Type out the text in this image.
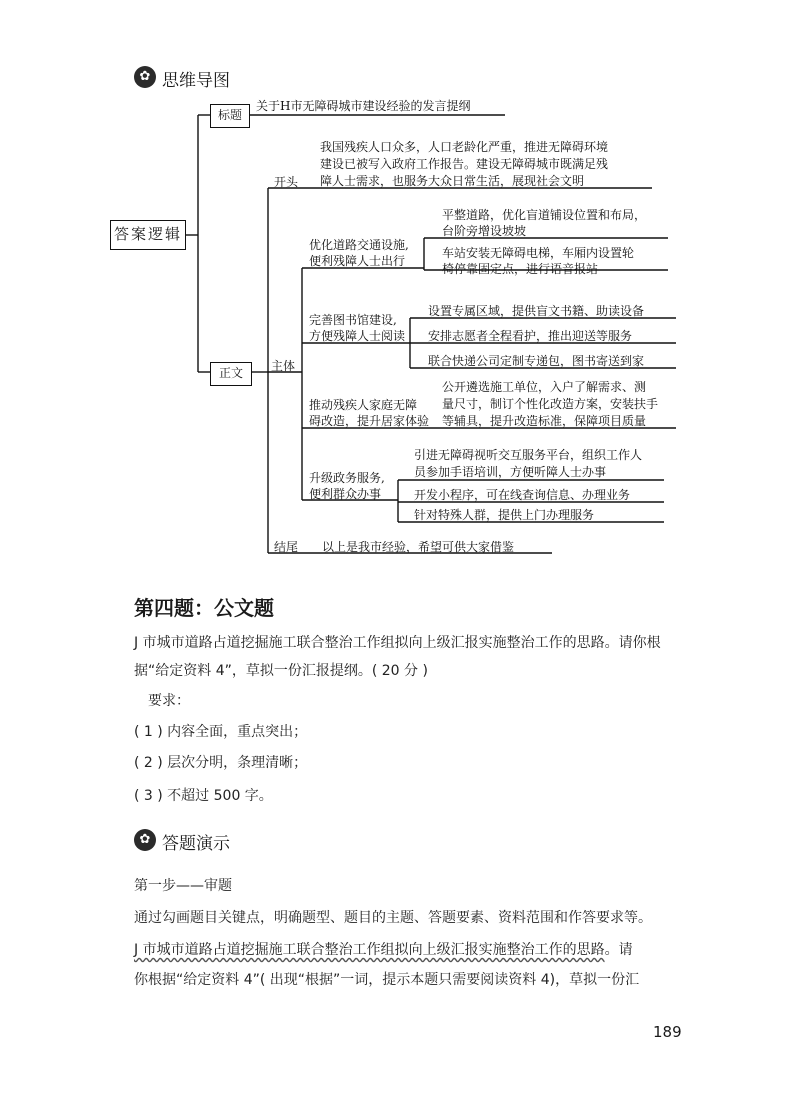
✿ 思维导图
答案逻辑
标题
关于H市无障碍城市建设经验的发言提纲
正文
开头
我国残疾人口众多，人口老龄化严重，推进无障碍环境
建设已被写入政府工作报告。建设无障碍城市既满足残
障人士需求，也服务大众日常生活，展现社会文明
主体
优化道路交通设施,
便利残障人士出行
平整道路，优化盲道铺设位置和布局，
台阶旁增设坡坡
车站安装无障碍电梯，车厢内设置轮
椅停靠固定点，进行语音报站
完善图书馆建设,
方便残障人士阅读
设置专属区域，提供盲文书籍、助读设备
安排志愿者全程看护，推出迎送等服务
联合快递公司定制专递包，图书寄送到家
推动残疾人家庭无障
碍改造，提升居家体验
公开遴选施工单位，入户了解需求、测
量尺寸，制订个性化改造方案，安装扶手
等辅具，提升改造标准，保障项目质量
升级政务服务,
便利群众办事
引进无障碍视听交互服务平台，组织工作人
员参加手语培训，方便听障人士办事
开发小程序，可在线查询信息、办理业务
针对特殊人群，提供上门办理服务
结尾 以上是我市经验，希望可供大家借鉴
第四题：公文题
J 市城市道路占道挖掘施工联合整治工作组拟向上级汇报实施整治工作的思路。请你根
据“给定资料 4”，草拟一份汇报提纲。( 20 分 )
要求：
( 1 ) 内容全面，重点突出；
( 2 ) 层次分明，条理清晰；
( 3 ) 不超过 500 字。
✿ 答题演示
第一步——审题
通过勾画题目关键点，明确题型、题目的主题、答题要素、资料范围和作答要求等。
J 市城市道路占道挖掘施工联合整治工作组拟向上级汇报实施整治工作的思路。请
你根据“给定资料 4”( 出现“根据”一词，提示本题只需要阅读资料 4)，草拟一份汇
189
